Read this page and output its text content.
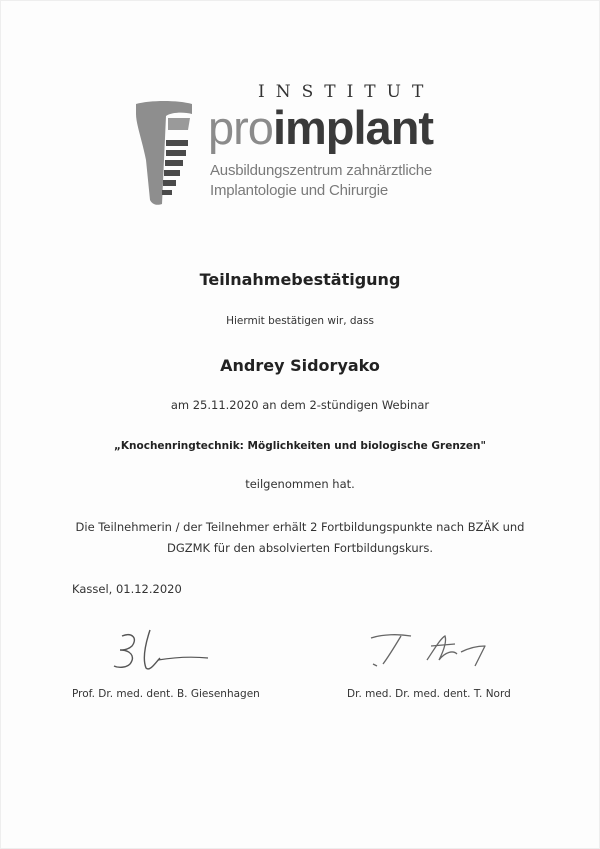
INSTITUT
proimplant
Ausbildungszentrum zahnärztliche
Implantologie und Chirurgie
Teilnahmebestätigung
Hiermit bestätigen wir, dass
Andrey Sidoryako
am 25.11.2020 an dem 2-stündigen Webinar
„Knochenringtechnik: Möglichkeiten und biologische Grenzen"
teilgenommen hat.
Die Teilnehmerin / der Teilnehmer erhält 2 Fortbildungspunkte nach BZÄK und
DGZMK für den absolvierten Fortbildungskurs.
Kassel, 01.12.2020
Prof. Dr. med. dent. B. Giesenhagen	Dr. med. Dr. med. dent. T. Nord
